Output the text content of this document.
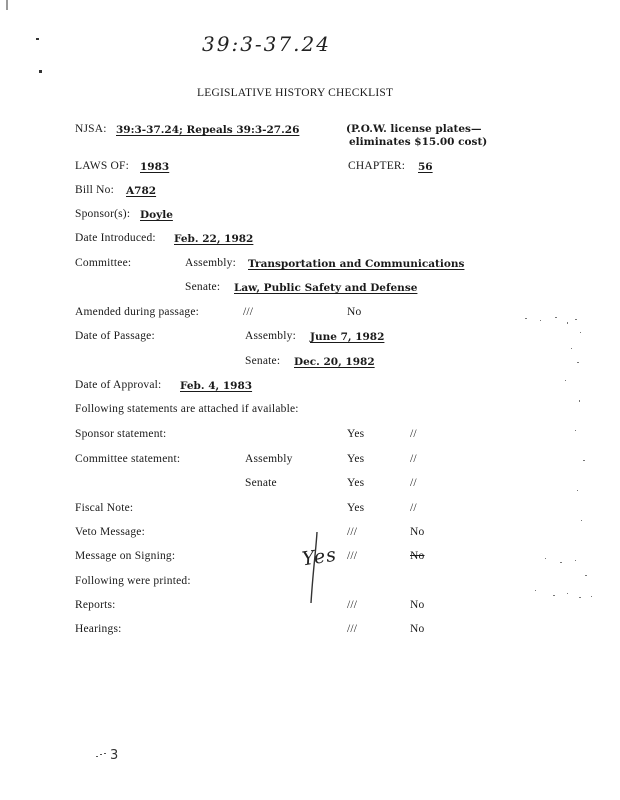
39:3-37.24
LEGISLATIVE HISTORY CHECKLIST
NJSA: 39:3-37.24; Repeals 39:3-27.26	(P.O.W. license plates—
eliminates $15.00 cost)
LAWS OF: 1983	CHAPTER: 56
Bill No: A782
Sponsor(s): Doyle
Date Introduced: Feb. 22, 1982
Committee:	Assembly: Transportation and Communications
Senate: Law, Public Safety and Defense
Amended during passage:	///	No
Date of Passage:	Assembly: June 7, 1982
Senate: Dec. 20, 1982
Date of Approval: Feb. 4, 1983
Following statements are attached if available:
Sponsor statement:	Yes	//
Committee statement:	Assembly	Yes	//
Senate	Yes	//
Fiscal Note:	Yes	//
Veto Message:	///	No
Message on Signing:	///	No
Yes
Following were printed:
Reports:	///	No
Hearings:	///	No
3
